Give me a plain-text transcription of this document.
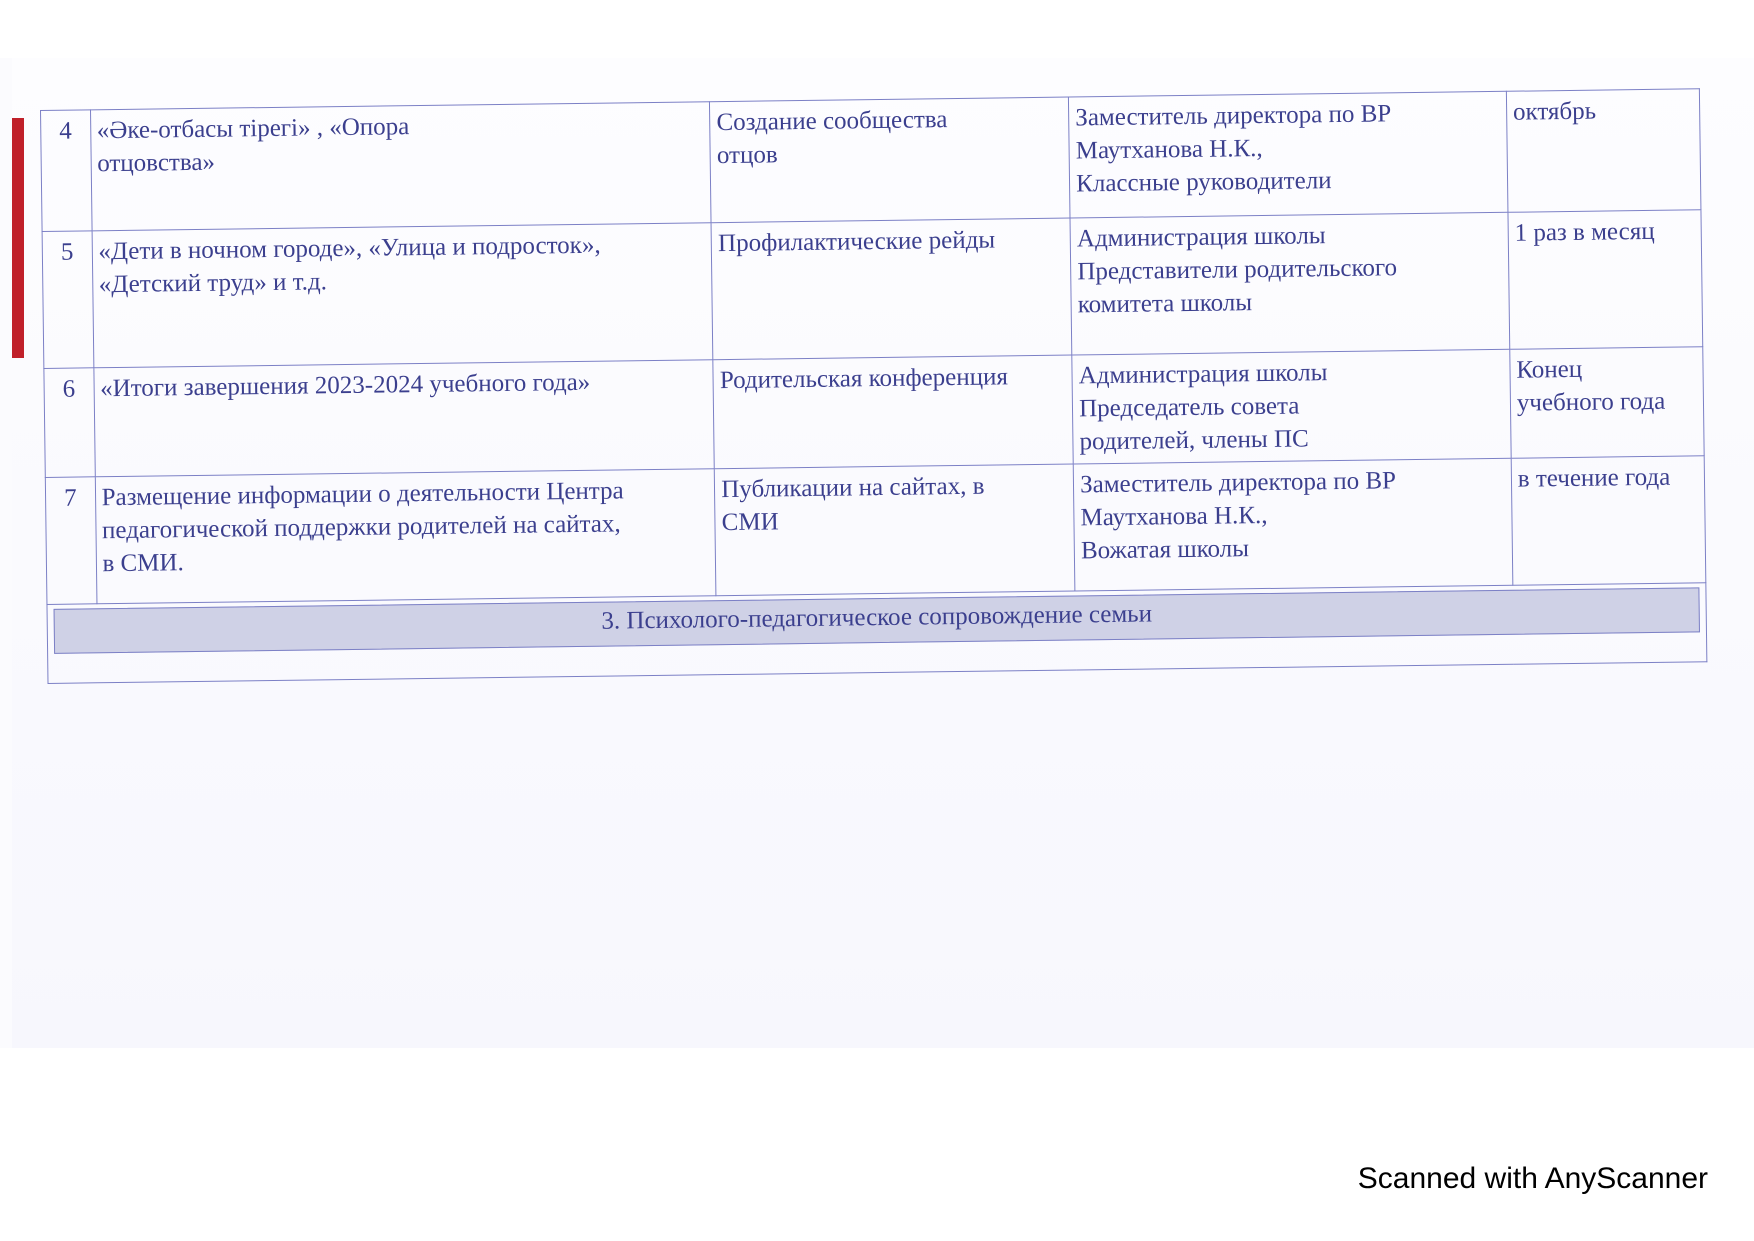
4	«Әке-отбасы тірегі» , «Опора
отцовства»	Создание сообщества
отцов	Заместитель директора по ВР
Маутханова Н.К.,
Классные руководители	октябрь

5	«Дети в ночном городе», «Улица и подросток»,
«Детский труд» и т.д.	Профилактические рейды	Администрация школы
Представители родительского
комитета школы	1 раз в месяц

6	«Итоги завершения 2023-2024 учебного года»	Родительская конференция	Администрация школы
Председатель совета
родителей, члены ПС	Конец
учебного года

7	Размещение информации о деятельности Центра
педагогической поддержки родителей на сайтах,
в СМИ.	Публикации на сайтах, в
СМИ	Заместитель директора по ВР
Маутханова Н.К.,
Вожатая школы	в течение года

3. Психолого-педагогическое сопровождение семьи				
Scanned with AnyScanner
